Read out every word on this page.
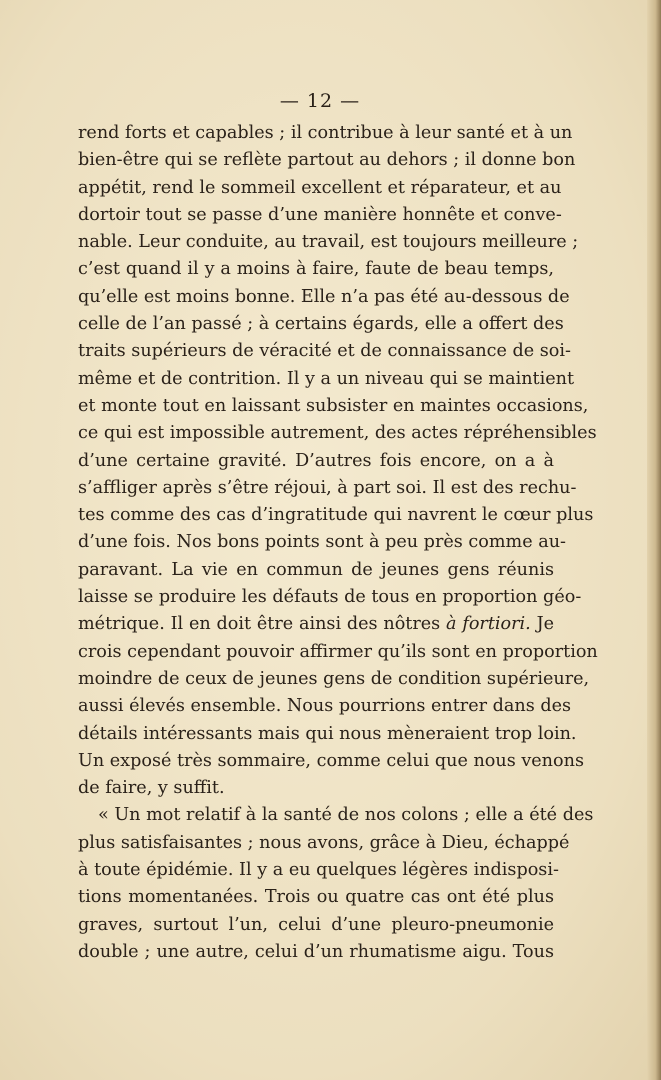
— 12 —
rend forts et capables ; il contribue à leur santé et à un
bien-être qui se reflète partout au dehors ; il donne bon
appétit, rend le sommeil excellent et réparateur, et au
dortoir tout se passe d’une manière honnête et conve-
nable. Leur conduite, au travail, est toujours meilleure ;
c’est quand il y a moins à faire, faute de beau temps,
qu’elle est moins bonne. Elle n’a pas été au-dessous de
celle de l’an passé ; à certains égards, elle a offert des
traits supérieurs de véracité et de connaissance de soi-
même et de contrition. Il y a un niveau qui se maintient
et monte tout en laissant subsister en maintes occasions,
ce qui est impossible autrement, des actes répréhensibles
d’une certaine gravité. D’autres fois encore, on a à
s’affliger après s’être réjoui, à part soi. Il est des rechu-
tes comme des cas d’ingratitude qui navrent le cœur plus
d’une fois. Nos bons points sont à peu près comme au-
paravant. La vie en commun de jeunes gens réunis
laisse se produire les défauts de tous en proportion géo-
métrique. Il en doit être ainsi des nôtres à fortiori. Je
crois cependant pouvoir affirmer qu’ils sont en proportion
moindre de ceux de jeunes gens de condition supérieure,
aussi élevés ensemble. Nous pourrions entrer dans des
détails intéressants mais qui nous mèneraient trop loin.
Un exposé très sommaire, comme celui que nous venons
de faire, y suffit.
« Un mot relatif à la santé de nos colons ; elle a été des
plus satisfaisantes ; nous avons, grâce à Dieu, échappé
à toute épidémie. Il y a eu quelques légères indisposi-
tions momentanées. Trois ou quatre cas ont été plus
graves, surtout l’un, celui d’une pleuro-pneumonie
double ; une autre, celui d’un rhumatisme aigu. Tous
